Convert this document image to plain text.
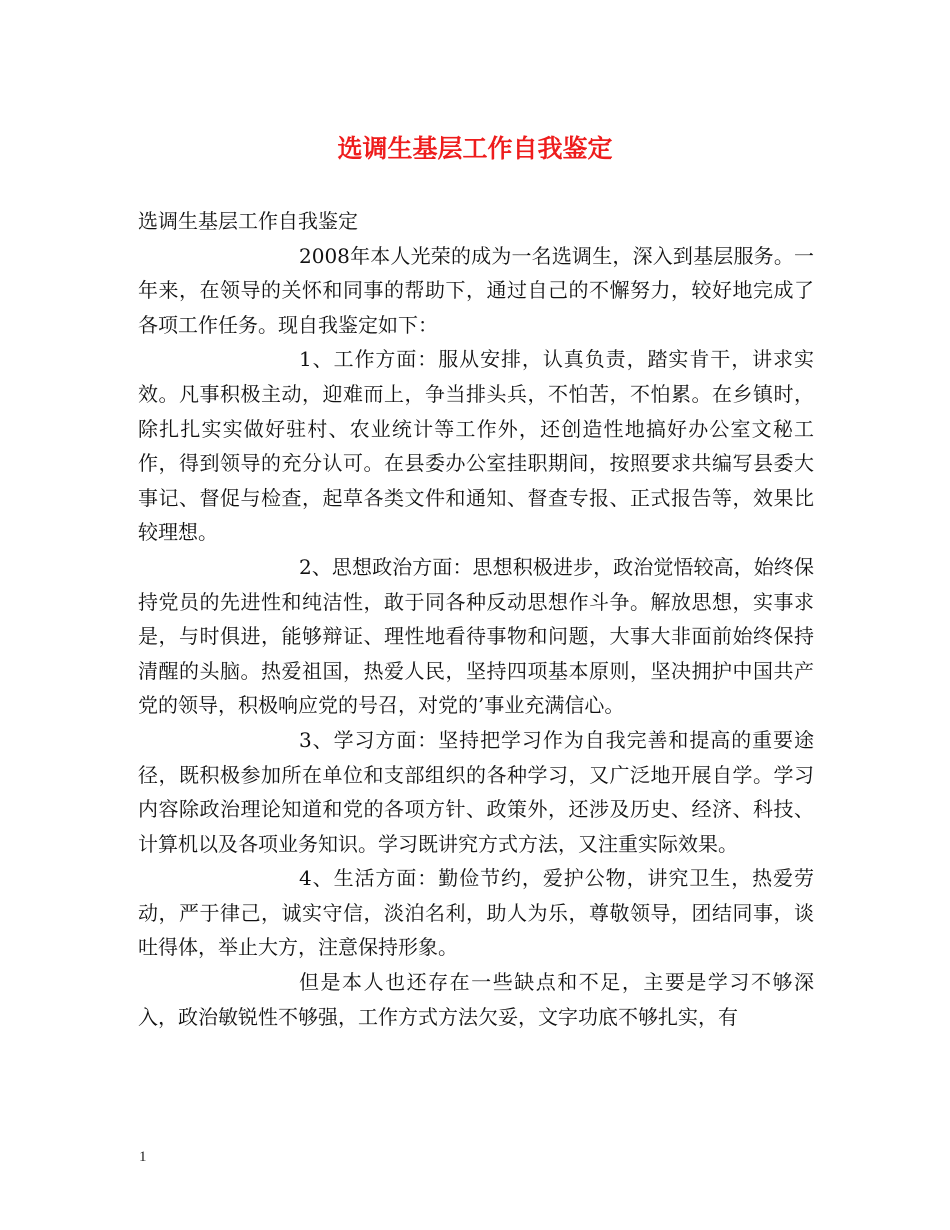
选调生基层工作自我鉴定

选调生基层工作自我鉴定

2008年本人光荣的成为一名选调生，深入到基层服务。一年来，在领导的关怀和同事的帮助下，通过自己的不懈努力，较好地完成了各项工作任务。现自我鉴定如下：

1、工作方面：服从安排，认真负责，踏实肯干，讲求实效。凡事积极主动，迎难而上，争当排头兵，不怕苦，不怕累。在乡镇时，除扎扎实实做好驻村、农业统计等工作外，还创造性地搞好办公室文秘工作，得到领导的充分认可。在县委办公室挂职期间，按照要求共编写县委大事记、督促与检查，起草各类文件和通知、督查专报、正式报告等，效果比较理想。

2、思想政治方面：思想积极进步，政治觉悟较高，始终保持党员的先进性和纯洁性，敢于同各种反动思想作斗争。解放思想，实事求是，与时俱进，能够辩证、理性地看待事物和问题，大事大非面前始终保持清醒的头脑。热爱祖国，热爱人民，坚持四项基本原则，坚决拥护中国共产党的领导，积极响应党的号召，对党的’事业充满信心。

3、学习方面：坚持把学习作为自我完善和提高的重要途径，既积极参加所在单位和支部组织的各种学习，又广泛地开展自学。学习内容除政治理论知道和党的各项方针、政策外，还涉及历史、经济、科技、计算机以及各项业务知识。学习既讲究方式方法，又注重实际效果。

4、生活方面：勤俭节约，爱护公物，讲究卫生，热爱劳动，严于律己，诚实守信，淡泊名利，助人为乐，尊敬领导，团结同事，谈吐得体，举止大方，注意保持形象。

但是本人也还存在一些缺点和不足，主要是学习不够深入，政治敏锐性不够强，工作方式方法欠妥，文字功底不够扎实，有

1
